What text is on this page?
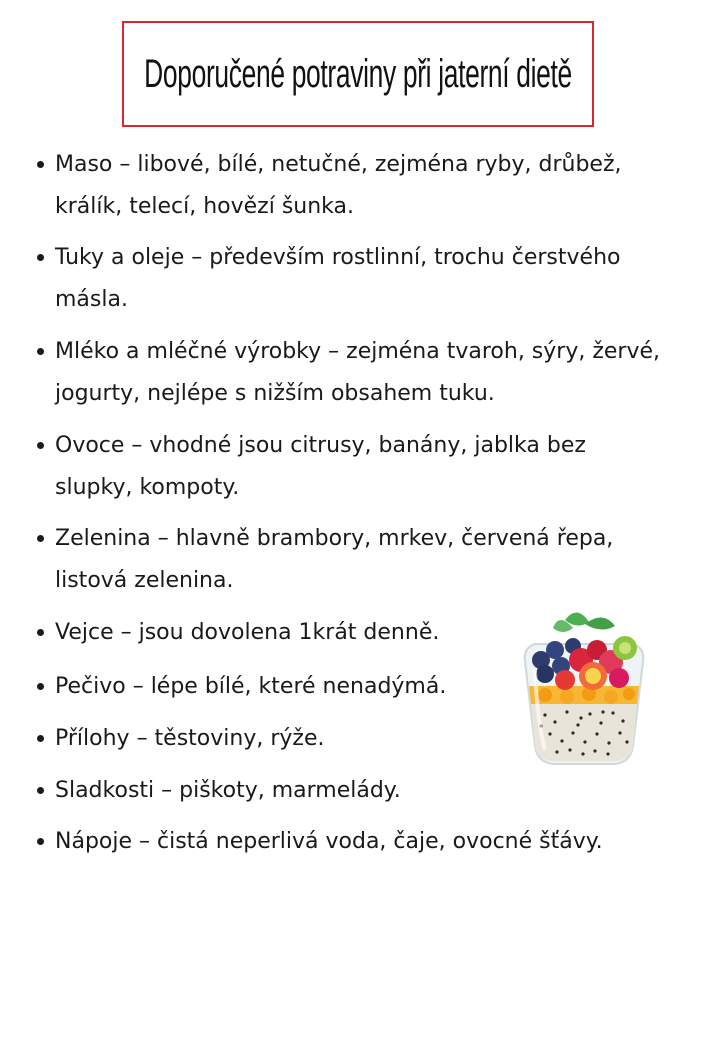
Doporučené potraviny při jaterní dietě
Maso – libové, bílé, netučné, zejména ryby, drůbež, králík, telecí, hovězí šunka.
Tuky a oleje – především rostlinní, trochu čerstvého másla.
Mléko a mléčné výrobky – zejména tvaroh, sýry, žervé, jogurty, nejlépe s nižším obsahem tuku.
Ovoce – vhodné jsou citrusy, banány, jablka bez slupky, kompoty.
Zelenina – hlavně brambory, mrkev, červená řepa, listová zelenina.
Vejce – jsou dovolena 1krát denně.
Pečivo – lépe bílé, které nenadýmá.
Přílohy – těstoviny, rýže.
Sladkosti – piškoty, marmelády.
Nápoje – čistá neperlivá voda, čaje, ovocné šťávy.
